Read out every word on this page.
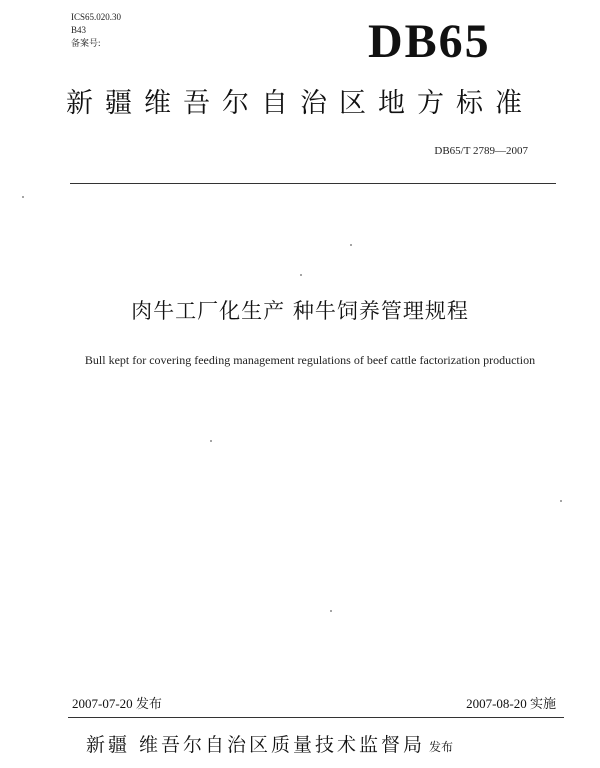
ICS65.020.30
B43
备案号:	DB65
新疆维吾尔自治区地方标准
DB65/T 2789—2007
肉牛工厂化生产 种牛饲养管理规程
Bull kept for covering feeding management regulations of beef cattle factorization production
2007-07-20 发布	2007-08-20 实施
新疆 维吾尔自治区质量技术监督局 发布
